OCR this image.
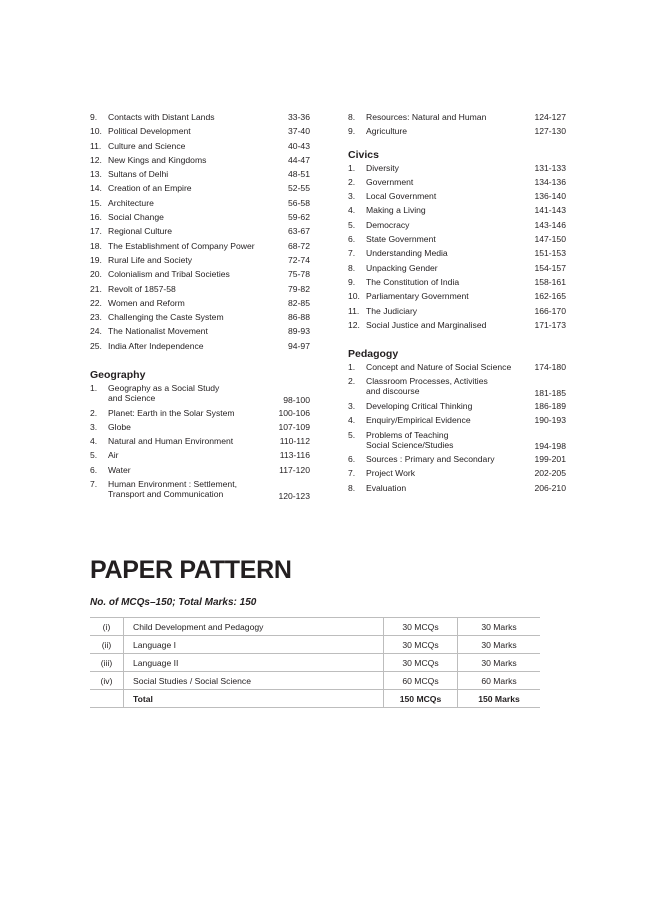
9.	Contacts with Distant Lands	33-36
10. Political Development	37-40
11. Culture and Science	40-43
12. New Kings and Kingdoms	44-47
13. Sultans of Delhi	48-51
14. Creation of an Empire	52-55
15. Architecture	56-58
16. Social Change	59-62
17. Regional Culture	63-67
18. The Establishment of Company Power	68-72
19. Rural Life and Society	72-74
20. Colonialism and Tribal Societies	75-78
21. Revolt of 1857-58	79-82
22. Women and Reform	82-85
23. Challenging the Caste System	86-88
24. The Nationalist Movement	89-93
25. India After Independence	94-97
Geography
1.	Geography as a Social Study
and Science	98-100
2.	Planet: Earth in the Solar System	100-106
3.	Globe	107-109
4.	Natural and Human Environment	110-112
5.	Air	113-116
6.	Water	117-120
7.	Human Environment : Settlement,
Transport and Communication	120-123
8.	Resources: Natural and Human	124-127
9.	Agriculture	127-130
Civics
1.	Diversity	131-133
2.	Government	134-136
3.	Local Government	136-140
4.	Making a Living	141-143
5.	Democracy	143-146
6.	State Government	147-150
7.	Understanding Media	151-153
8.	Unpacking Gender	154-157
9.	The Constitution of India	158-161
10. Parliamentary Government	162-165
11. The Judiciary	166-170
12. Social Justice and Marginalised	171-173
Pedagogy
1.	Concept and Nature of Social Science	174-180
2.	Classroom Processes, Activities
and discourse	181-185
3.	Developing Critical Thinking	186-189
4.	Enquiry/Empirical Evidence	190-193
5.	Problems of Teaching
Social Science/Studies	194-198
6.	Sources : Primary and Secondary	199-201
7.	Project Work	202-205
8.	Evaluation	206-210
PAPER PATTERN
No. of MCQs–150; Total Marks: 150
(i)	Child Development and Pedagogy	30 MCQs	30 Marks
(ii)	Language I	30 MCQs	30 Marks
(iii)	Language II	30 MCQs	30 Marks
(iv)	Social Studies / Social Science	60 MCQs	60 Marks
	Total	150 MCQs	150 Marks
